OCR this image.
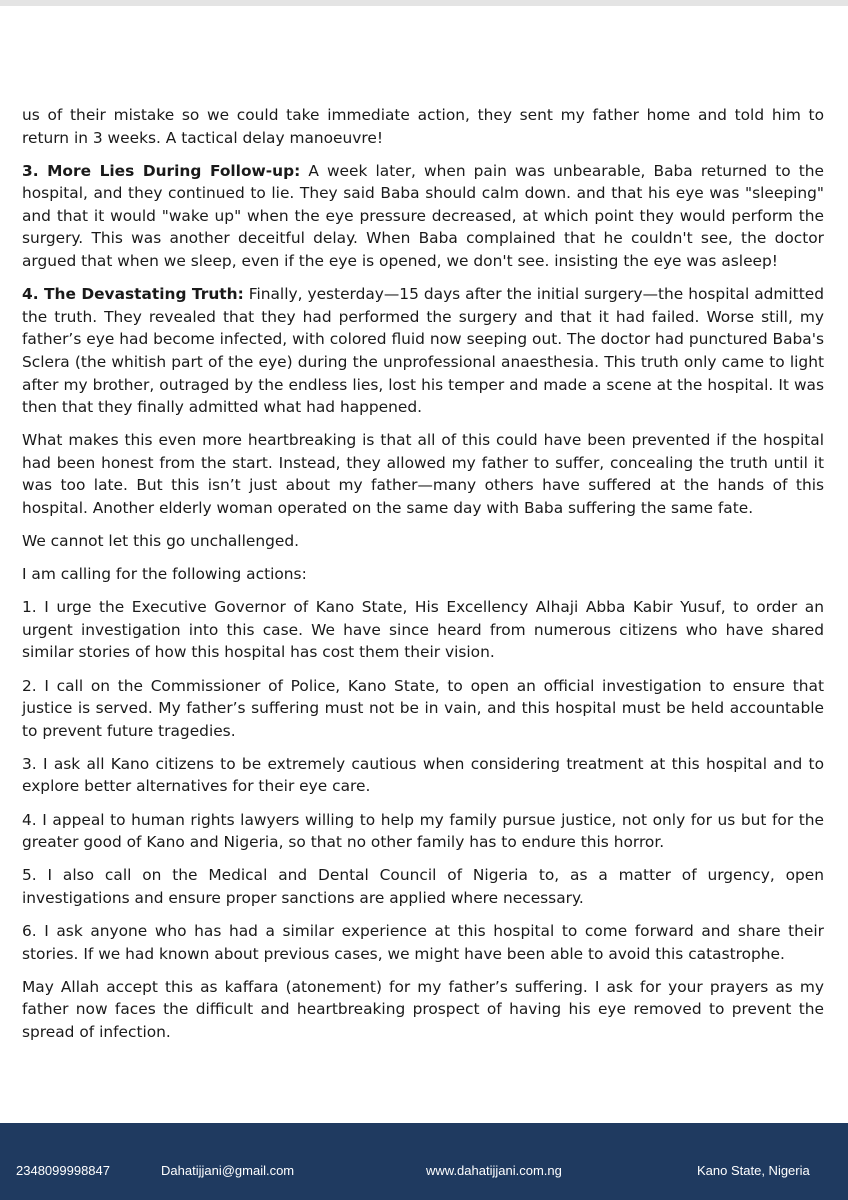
us of their mistake so we could take immediate action, they sent my father home and told him to return in 3 weeks. A tactical delay manoeuvre!

3. More Lies During Follow-up: A week later, when pain was unbearable, Baba returned to the hospital, and they continued to lie. They said Baba should calm down. and that his eye was "sleeping" and that it would "wake up" when the eye pressure decreased, at which point they would perform the surgery. This was another deceitful delay. When Baba complained that he couldn't see, the doctor argued that when we sleep, even if the eye is opened, we don't see. insisting the eye was asleep!

4. The Devastating Truth: Finally, yesterday—15 days after the initial surgery—the hospital admitted the truth. They revealed that they had performed the surgery and that it had failed. Worse still, my father’s eye had become infected, with colored fluid now seeping out. The doctor had punctured Baba's Sclera (the whitish part of the eye) during the unprofessional anaesthesia. This truth only came to light after my brother, outraged by the endless lies, lost his temper and made a scene at the hospital. It was then that they finally admitted what had happened.

What makes this even more heartbreaking is that all of this could have been prevented if the hospital had been honest from the start. Instead, they allowed my father to suffer, concealing the truth until it was too late. But this isn’t just about my father—many others have suffered at the hands of this hospital. Another elderly woman operated on the same day with Baba suffering the same fate.

We cannot let this go unchallenged.

I am calling for the following actions:

1. I urge the Executive Governor of Kano State, His Excellency Alhaji Abba Kabir Yusuf, to order an urgent investigation into this case. We have since heard from numerous citizens who have shared similar stories of how this hospital has cost them their vision.

2. I call on the Commissioner of Police, Kano State, to open an official investigation to ensure that justice is served. My father’s suffering must not be in vain, and this hospital must be held accountable to prevent future tragedies.

3. I ask all Kano citizens to be extremely cautious when considering treatment at this hospital and to explore better alternatives for their eye care.

4. I appeal to human rights lawyers willing to help my family pursue justice, not only for us but for the greater good of Kano and Nigeria, so that no other family has to endure this horror.

5. I also call on the Medical and Dental Council of Nigeria to, as a matter of urgency, open investigations and ensure proper sanctions are applied where necessary.

6. I ask anyone who has had a similar experience at this hospital to come forward and share their stories. If we had known about previous cases, we might have been able to avoid this catastrophe.

May Allah accept this as kaffara (atonement) for my father’s suffering. I ask for your prayers as my father now faces the difficult and heartbreaking prospect of having his eye removed to prevent the spread of infection.

2348099998847	Dahatijjani@gmail.com	www.dahatijjani.com.ng	Kano State, Nigeria
